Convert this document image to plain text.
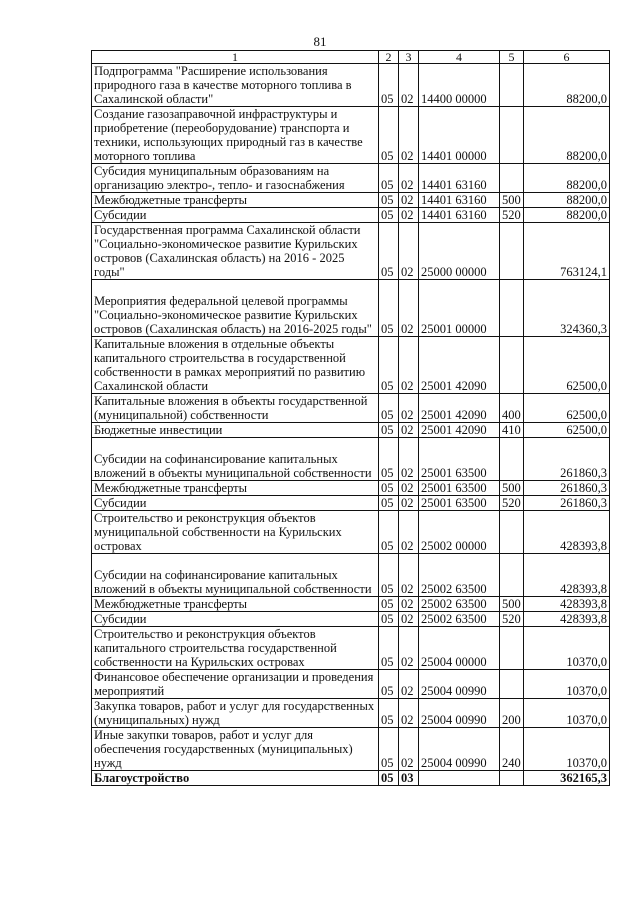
81
1	2	3	4	5	6
Подпрограмма "Расширение использования природного газа в качестве моторного топлива в Сахалинской области"	05	02	14400 00000		88200,0
Создание газозаправочной инфраструктуры и приобретение (переоборудование) транспорта и техники, использующих природный газ в качестве моторного топлива	05	02	14401 00000		88200,0
Субсидия муниципальным образованиям на организацию электро-, тепло- и газоснабжения	05	02	14401 63160		88200,0
Межбюджетные трансферты	05	02	14401 63160	500	88200,0
Субсидии	05	02	14401 63160	520	88200,0
Государственная программа Сахалинской области "Социально-экономическое развитие Курильских островов (Сахалинская область) на 2016 - 2025 годы"	05	02	25000 00000		763124,1
Мероприятия федеральной целевой программы "Социально-экономическое развитие Курильских островов (Сахалинская область) на 2016-2025 годы"	05	02	25001 00000		324360,3
Капитальные вложения в отдельные объекты капитального строительства в государственной собственности в рамках мероприятий по развитию Сахалинской области	05	02	25001 42090		62500,0
Капитальные вложения в объекты государственной (муниципальной) собственности	05	02	25001 42090	400	62500,0
Бюджетные инвестиции	05	02	25001 42090	410	62500,0
Субсидии на софинансирование капитальных вложений в объекты муниципальной собственности	05	02	25001 63500		261860,3
Межбюджетные трансферты	05	02	25001 63500	500	261860,3
Субсидии	05	02	25001 63500	520	261860,3
Строительство и реконструкция объектов муниципальной собственности на Курильских островах	05	02	25002 00000		428393,8
Субсидии на софинансирование капитальных вложений в объекты муниципальной собственности	05	02	25002 63500		428393,8
Межбюджетные трансферты	05	02	25002 63500	500	428393,8
Субсидии	05	02	25002 63500	520	428393,8
Строительство и реконструкция объектов капитального строительства государственной собственности на Курильских островах	05	02	25004 00000		10370,0
Финансовое обеспечение организации и проведения мероприятий	05	02	25004 00990		10370,0
Закупка товаров, работ и услуг для государственных (муниципальных) нужд	05	02	25004 00990	200	10370,0
Иные закупки товаров, работ и услуг для обеспечения государственных (муниципальных) нужд	05	02	25004 00990	240	10370,0
Благоустройство	05	03			362165,3
